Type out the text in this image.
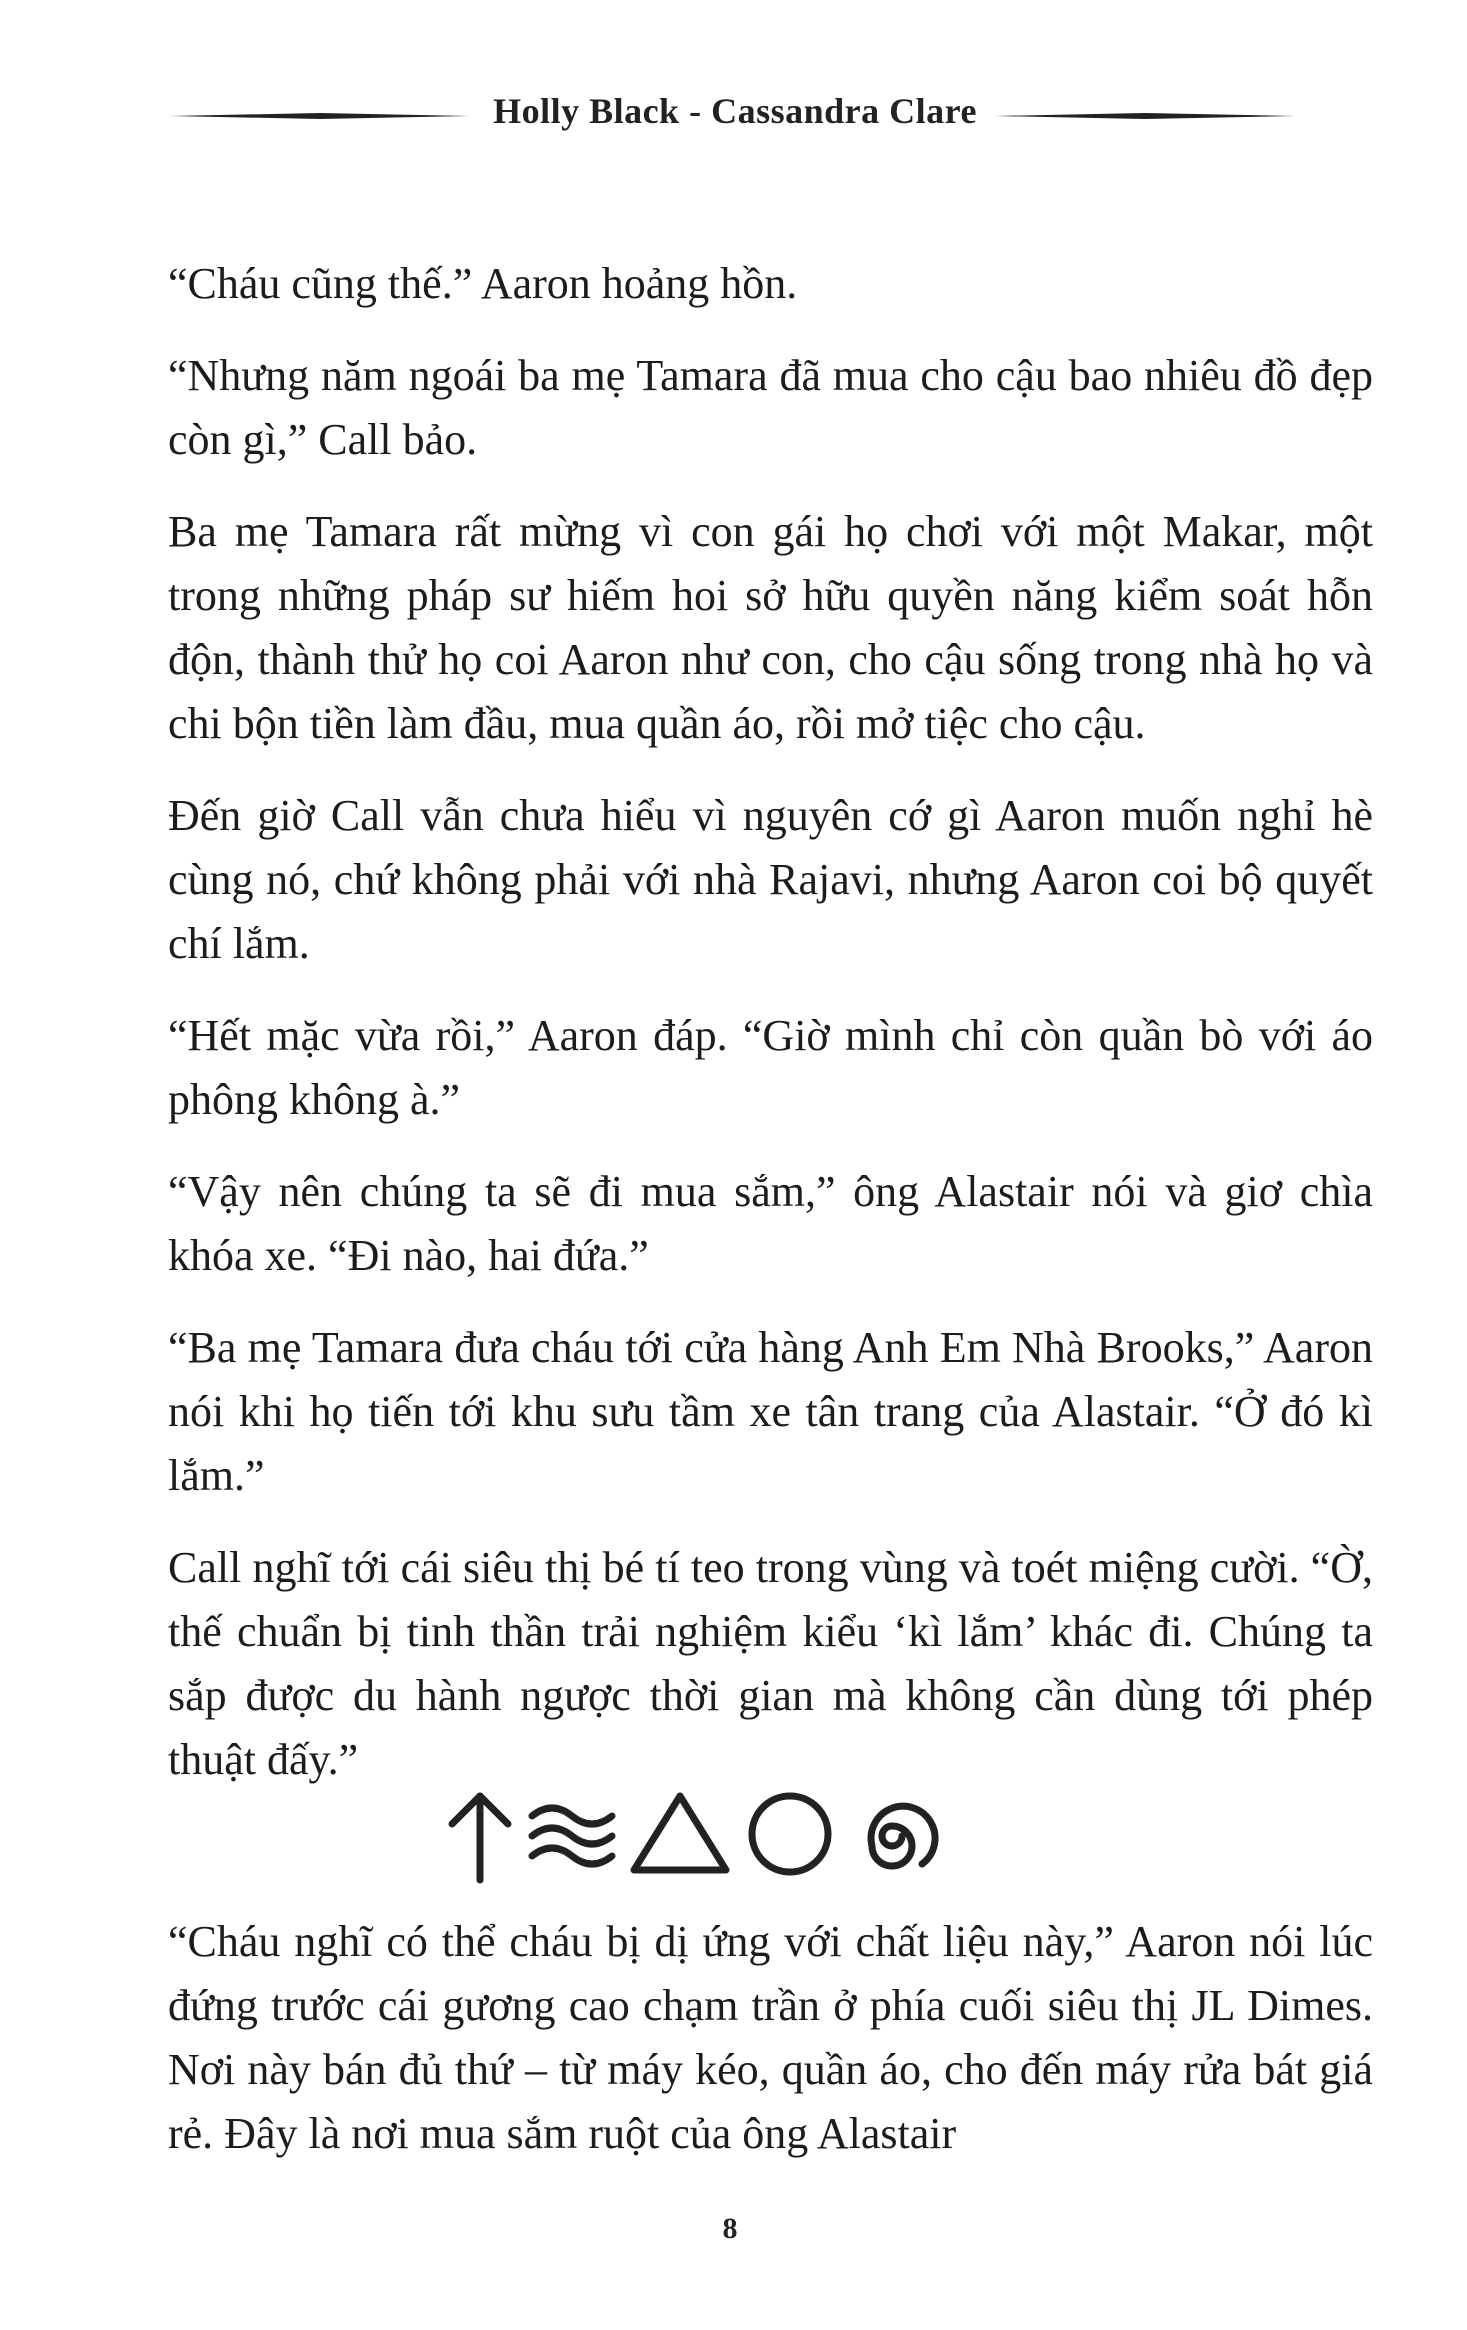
Holly Black - Cassandra Clare

“Cháu cũng thế.” Aaron hoảng hồn.

“Nhưng năm ngoái ba mẹ Tamara đã mua cho cậu bao nhiêu đồ đẹp còn gì,” Call bảo.

Ba mẹ Tamara rất mừng vì con gái họ chơi với một Makar, một trong những pháp sư hiếm hoi sở hữu quyền năng kiểm soát hỗn độn, thành thử họ coi Aaron như con, cho cậu sống trong nhà họ và chi bộn tiền làm đầu, mua quần áo, rồi mở tiệc cho cậu.

Đến giờ Call vẫn chưa hiểu vì nguyên cớ gì Aaron muốn nghỉ hè cùng nó, chứ không phải với nhà Rajavi, nhưng Aaron coi bộ quyết chí lắm.

“Hết mặc vừa rồi,” Aaron đáp. “Giờ mình chỉ còn quần bò với áo phông không à.”

“Vậy nên chúng ta sẽ đi mua sắm,” ông Alastair nói và giơ chìa khóa xe. “Đi nào, hai đứa.”

“Ba mẹ Tamara đưa cháu tới cửa hàng Anh Em Nhà Brooks,” Aaron nói khi họ tiến tới khu sưu tầm xe tân trang của Alastair. “Ở đó kì lắm.”

Call nghĩ tới cái siêu thị bé tí teo trong vùng và toét miệng cười. “Ờ, thế chuẩn bị tinh thần trải nghiệm kiểu ‘kì lắm’ khác đi. Chúng ta sắp được du hành ngược thời gian mà không cần dùng tới phép thuật đấy.”

“Cháu nghĩ có thể cháu bị dị ứng với chất liệu này,” Aaron nói lúc đứng trước cái gương cao chạm trần ở phía cuối siêu thị JL Dimes. Nơi này bán đủ thứ – từ máy kéo, quần áo, cho đến máy rửa bát giá rẻ. Đây là nơi mua sắm ruột của ông Alastair

8
